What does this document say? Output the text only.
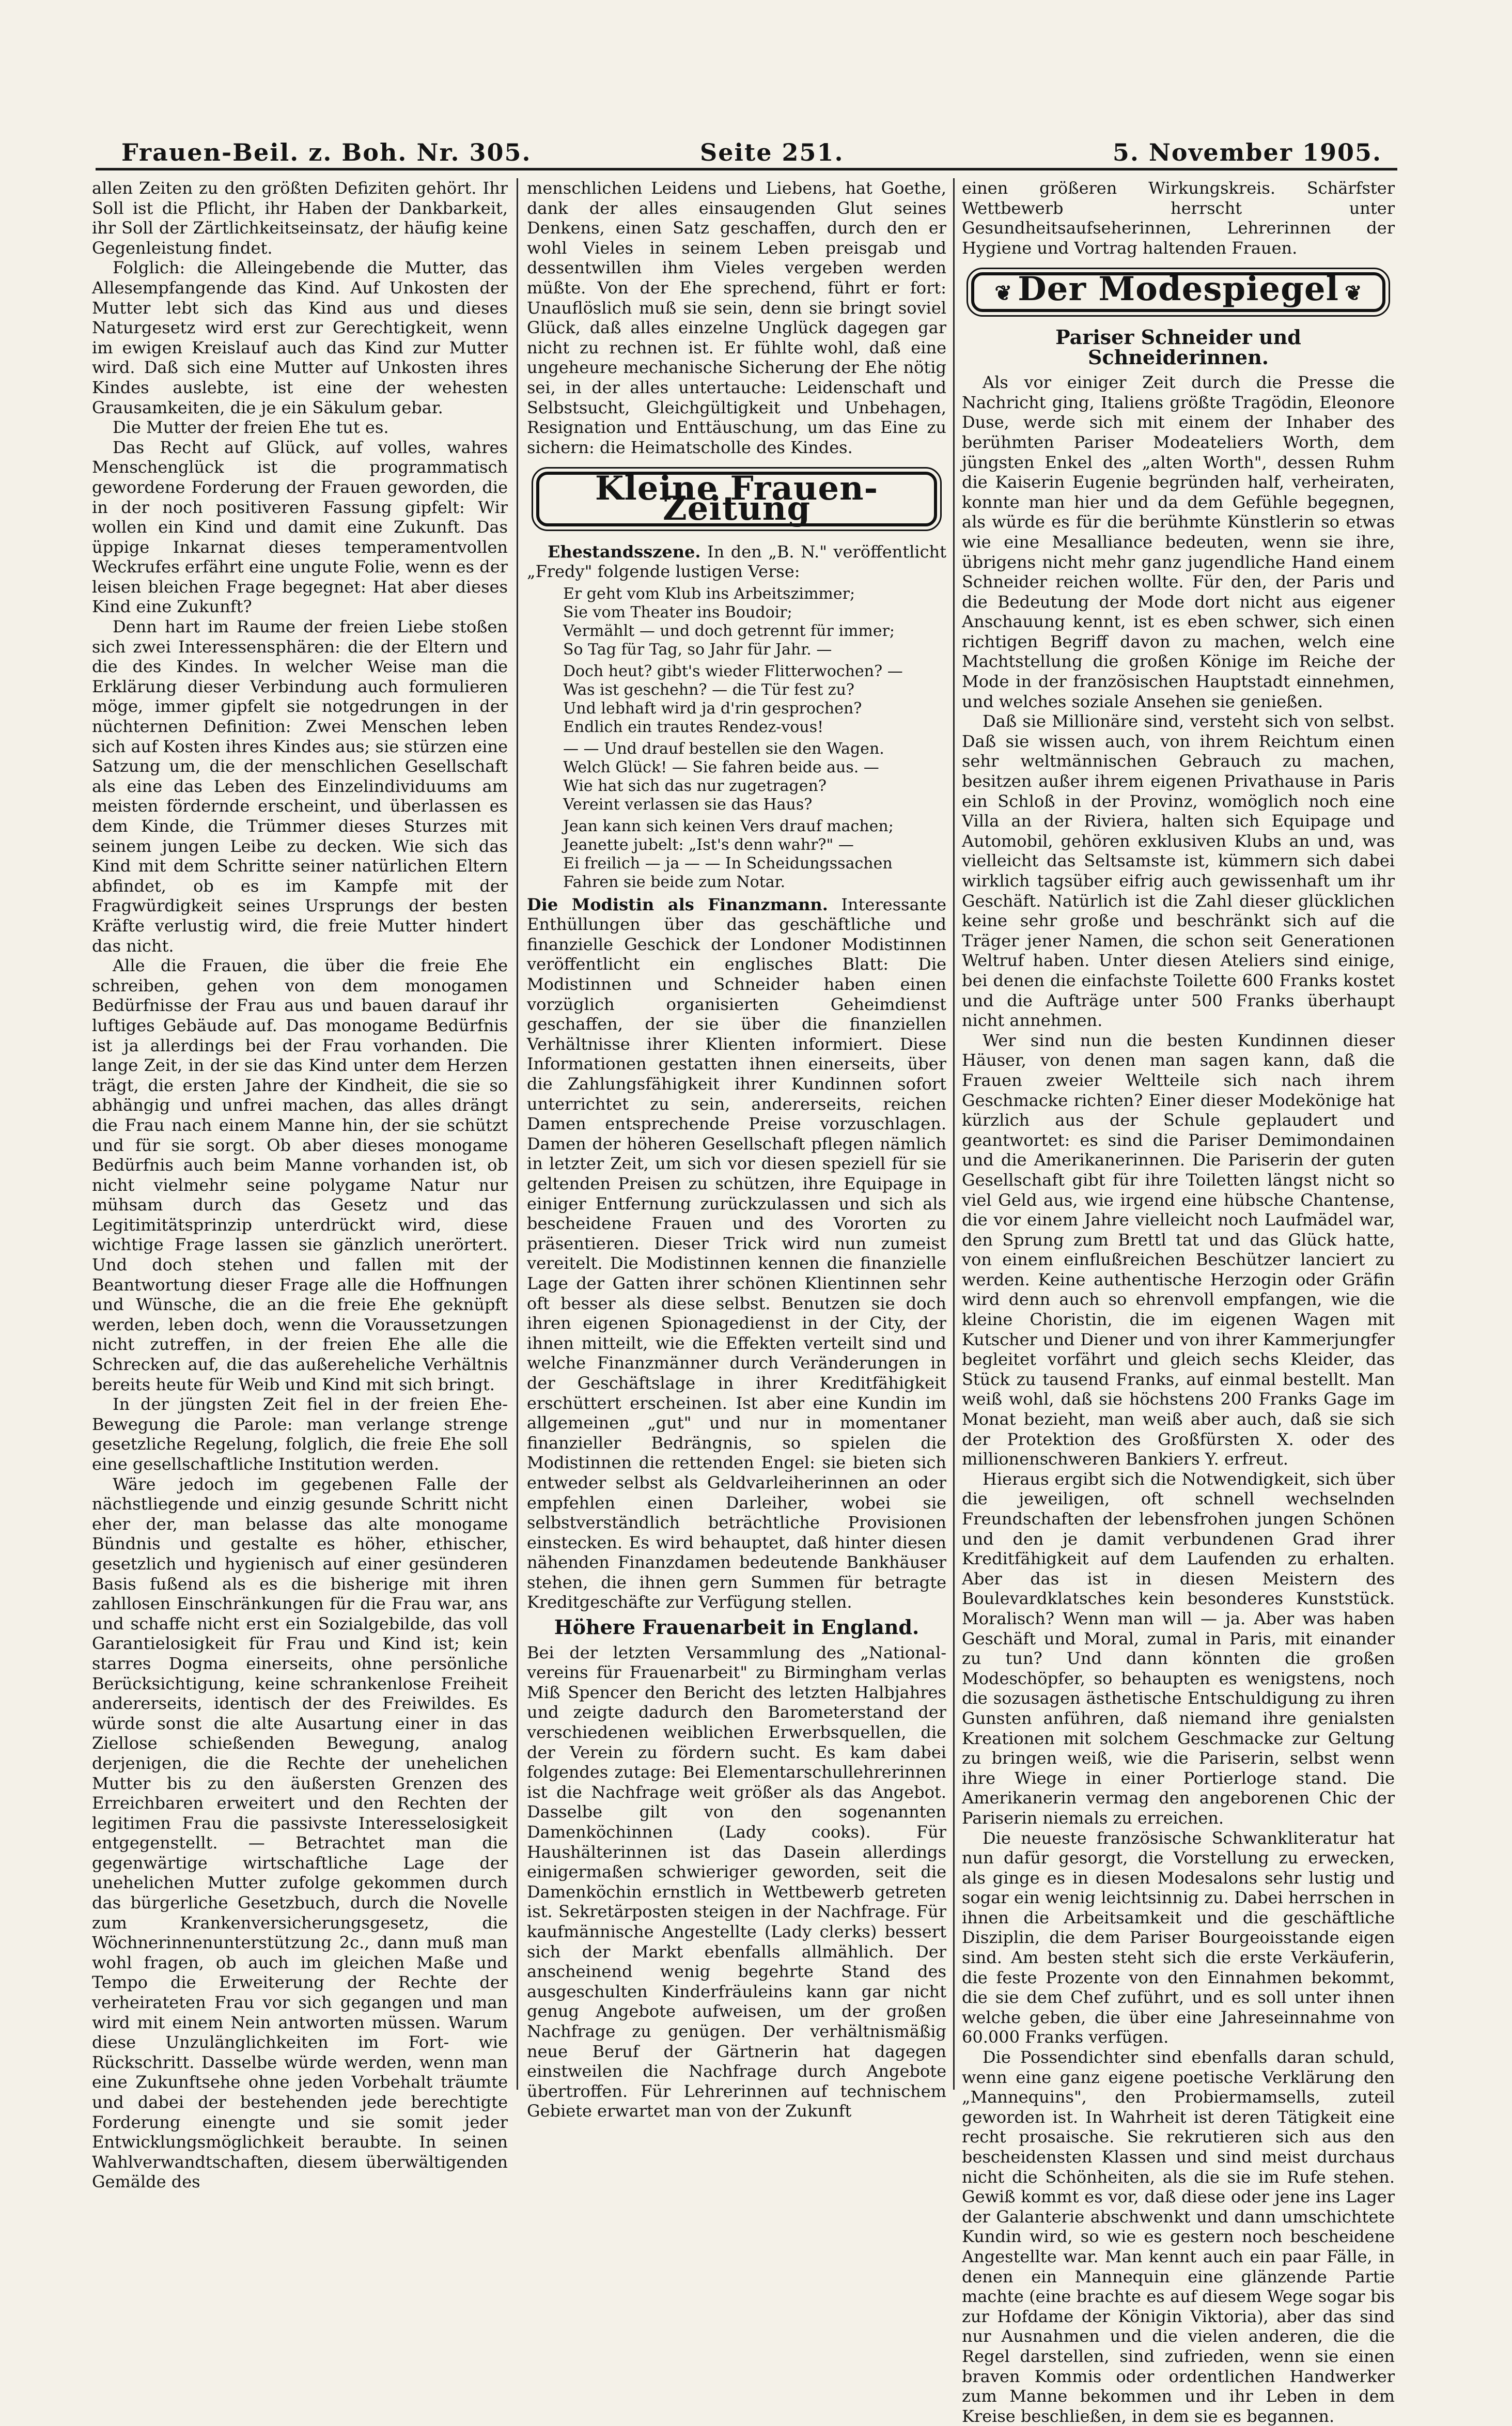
Frauen-Beil. z. Boh. Nr. 305.	Seite 251.	5. November 1905.

allen Zeiten zu den größten Defiziten gehört. Ihr Soll ist die Pflicht, ihr Haben der Dankbarkeit, ihr Soll der Zärtlichkeitseinsatz, der häufig keine Gegenleistung findet.

Folglich: die Alleingebende die Mutter, das Allesempfangende das Kind. Auf Unkosten der Mutter lebt sich das Kind aus und dieses Naturgesetz wird erst zur Gerechtigkeit, wenn im ewigen Kreislauf auch das Kind zur Mutter wird. Daß sich eine Mutter auf Unkosten ihres Kindes auslebte, ist eine der wehesten Grausamkeiten, die je ein Säkulum gebar.

Die Mutter der freien Ehe tut es.

Das Recht auf Glück, auf volles, wahres Menschenglück ist die programmatisch gewordene Forderung der Frauen geworden, die in der noch positiveren Fassung gipfelt: Wir wollen ein Kind und damit eine Zukunft. Das üppige Inkarnat dieses temperamentvollen Weckrufes erfährt eine ungute Folie, wenn es der leisen bleichen Frage begegnet: Hat aber dieses Kind eine Zukunft?

Denn hart im Raume der freien Liebe stoßen sich zwei Interessensphären: die der Eltern und die des Kindes. In welcher Weise man die Erklärung dieser Verbindung auch formulieren möge, immer gipfelt sie notgedrungen in der nüchternen Definition: Zwei Menschen leben sich auf Kosten ihres Kindes aus; sie stürzen eine Satzung um, die der menschlichen Gesellschaft als eine das Leben des Einzelindividuums am meisten fördernde erscheint, und überlassen es dem Kinde, die Trümmer dieses Sturzes mit seinem jungen Leibe zu decken. Wie sich das Kind mit dem Schritte seiner natürlichen Eltern abfindet, ob es im Kampfe mit der Fragwürdigkeit seines Ursprungs der besten Kräfte verlustig wird, die freie Mutter hindert das nicht.

Alle die Frauen, die über die freie Ehe schreiben, gehen von dem monogamen Bedürfnisse der Frau aus und bauen darauf ihr luftiges Gebäude auf. Das monogame Bedürfnis ist ja allerdings bei der Frau vorhanden. Die lange Zeit, in der sie das Kind unter dem Herzen trägt, die ersten Jahre der Kindheit, die sie so abhängig und unfrei machen, das alles drängt die Frau nach einem Manne hin, der sie schützt und für sie sorgt. Ob aber dieses monogame Bedürfnis auch beim Manne vorhanden ist, ob nicht vielmehr seine polygame Natur nur mühsam durch das Gesetz und das Legitimitätsprinzip unterdrückt wird, diese wichtige Frage lassen sie gänzlich unerörtert. Und doch stehen und fallen mit der Beantwortung dieser Frage alle die Hoffnungen und Wünsche, die an die freie Ehe geknüpft werden, leben doch, wenn die Voraussetzungen nicht zutreffen, in der freien Ehe alle die Schrecken auf, die das außereheliche Verhältnis bereits heute für Weib und Kind mit sich bringt.

In der jüngsten Zeit fiel in der freien Ehe-Bewegung die Parole: man verlange strenge gesetzliche Regelung, folglich, die freie Ehe soll eine gesellschaftliche Institution werden.

Wäre jedoch im gegebenen Falle der nächstliegende und einzig gesunde Schritt nicht eher der, man belasse das alte monogame Bündnis und gestalte es höher, ethischer, gesetzlich und hygienisch auf einer gesünderen Basis fußend als es die bisherige mit ihren zahllosen Einschränkungen für die Frau war, ans und schaffe nicht erst ein Sozialgebilde, das voll Garantielosigkeit für Frau und Kind ist; kein starres Dogma einerseits, ohne persönliche Berücksichtigung, keine schrankenlose Freiheit andererseits, identisch der des Freiwildes. Es würde sonst die alte Ausartung einer in das Ziellose schießenden Bewegung, analog derjenigen, die die Rechte der unehelichen Mutter bis zu den äußersten Grenzen des Erreichbaren erweitert und den Rechten der legitimen Frau die passivste Interesselosigkeit entgegenstellt. — Betrachtet man die gegenwärtige wirtschaftliche Lage der unehelichen Mutter zufolge gekommen durch das bürgerliche Gesetzbuch, durch die Novelle zum Krankenversicherungsgesetz, die Wöchnerinnenunterstützung 2c., dann muß man wohl fragen, ob auch im gleichen Maße und Tempo die Erweiterung der Rechte der verheirateten Frau vor sich gegangen und man wird mit einem Nein antworten müssen. Warum diese Unzulänglichkeiten im Fort- wie Rückschritt. Dasselbe würde werden, wenn man eine Zukunftsehe ohne jeden Vorbehalt träumte und dabei der bestehenden jede berechtigte Forderung einengte und sie somit jeder Entwicklungsmöglichkeit beraubte. In seinen Wahlverwandtschaften, diesem überwältigenden Gemälde des

menschlichen Leidens und Liebens, hat Goethe, dank der alles einsaugenden Glut seines Denkens, einen Satz geschaffen, durch den er wohl Vieles in seinem Leben preisgab und dessentwillen ihm Vieles vergeben werden müßte. Von der Ehe sprechend, führt er fort: Unauflöslich muß sie sein, denn sie bringt soviel Glück, daß alles einzelne Unglück dagegen gar nicht zu rechnen ist. Er fühlte wohl, daß eine ungeheure mechanische Sicherung der Ehe nötig sei, in der alles untertauche: Leidenschaft und Selbstsucht, Gleichgültigkeit und Unbehagen, Resignation und Enttäuschung, um das Eine zu sichern: die Heimatscholle des Kindes.

Kleine Frauen-Zeitung

Ehestandsszene. In den „B. N." veröffentlicht „Fredy" folgende lustigen Verse:

Er geht vom Klub ins Arbeitszimmer;
Sie vom Theater ins Boudoir;
Vermählt — und doch getrennt für immer;
So Tag für Tag, so Jahr für Jahr. —

Doch heut? gibt's wieder Flitterwochen? —
Was ist geschehn? — die Tür fest zu?
Und lebhaft wird ja d'rin gesprochen?
Endlich ein trautes Rendez-vous!

— — Und drauf bestellen sie den Wagen.
Welch Glück! — Sie fahren beide aus. —
Wie hat sich das nur zugetragen?
Vereint verlassen sie das Haus?

Jean kann sich keinen Vers drauf machen;
Jeanette jubelt: „Ist's denn wahr?" —
Ei freilich — ja — — In Scheidungssachen
Fahren sie beide zum Notar.

Die Modistin als Finanzmann. Interessante Enthüllungen über das geschäftliche und finanzielle Geschick der Londoner Modistinnen veröffentlicht ein englisches Blatt: Die Modistinnen und Schneider haben einen vorzüglich organisierten Geheimdienst geschaffen, der sie über die finanziellen Verhältnisse ihrer Klienten informiert. Diese Informationen gestatten ihnen einerseits, über die Zahlungsfähigkeit ihrer Kundinnen sofort unterrichtet zu sein, andererseits, reichen Damen entsprechende Preise vorzuschlagen. Damen der höheren Gesellschaft pflegen nämlich in letzter Zeit, um sich vor diesen speziell für sie geltenden Preisen zu schützen, ihre Equipage in einiger Entfernung zurückzulassen und sich als bescheidene Frauen und des Vororten zu präsentieren. Dieser Trick wird nun zumeist vereitelt. Die Modistinnen kennen die finanzielle Lage der Gatten ihrer schönen Klientinnen sehr oft besser als diese selbst. Benutzen sie doch ihren eigenen Spionagedienst in der City, der ihnen mitteilt, wie die Effekten verteilt sind und welche Finanzmänner durch Veränderungen in der Geschäftslage in ihrer Kreditfähigkeit erschüttert erscheinen. Ist aber eine Kundin im allgemeinen „gut" und nur in momentaner finanzieller Bedrängnis, so spielen die Modistinnen die rettenden Engel: sie bieten sich entweder selbst als Geldvarleiherinnen an oder empfehlen einen Darleiher, wobei sie selbstverständlich beträchtliche Provisionen einstecken. Es wird behauptet, daß hinter diesen nähenden Finanzdamen bedeutende Bankhäuser stehen, die ihnen gern Summen für betragte Kreditgeschäfte zur Verfügung stellen.

Höhere Frauenarbeit in England.

Bei der letzten Versammlung des „National-vereins für Frauenarbeit" zu Birmingham verlas Miß Spencer den Bericht des letzten Halbjahres und zeigte dadurch den Barometerstand der verschiedenen weiblichen Erwerbsquellen, die der Verein zu fördern sucht. Es kam dabei folgendes zutage: Bei Elementarschullehrerinnen ist die Nachfrage weit größer als das Angebot. Dasselbe gilt von den sogenannten Damenköchinnen (Lady cooks). Für Haushälterinnen ist das Dasein allerdings einigermaßen schwieriger geworden, seit die Damenköchin ernstlich in Wettbewerb getreten ist. Sekretärposten steigen in der Nachfrage. Für kaufmännische Angestellte (Lady clerks) bessert sich der Markt ebenfalls allmählich. Der anscheinend wenig begehrte Stand des ausgeschulten Kinderfräuleins kann gar nicht genug Angebote aufweisen, um der großen Nachfrage zu genügen. Der verhältnismäßig neue Beruf der Gärtnerin hat dagegen einstweilen die Nachfrage durch Angebote übertroffen. Für Lehrerinnen auf technischem Gebiete erwartet man von der Zukunft

einen größeren Wirkungskreis. Schärfster Wettbewerb herrscht unter Gesundheitsaufseherinnen, Lehrerinnen der Hygiene und Vortrag haltenden Frauen.

❦ Der Modespiegel ❦

Pariser Schneider und Schneiderinnen.

Als vor einiger Zeit durch die Presse die Nachricht ging, Italiens größte Tragödin, Eleonore Duse, werde sich mit einem der Inhaber des berühmten Pariser Modeateliers Worth, dem jüngsten Enkel des „alten Worth", dessen Ruhm die Kaiserin Eugenie begründen half, verheiraten, konnte man hier und da dem Gefühle begegnen, als würde es für die berühmte Künstlerin so etwas wie eine Mesalliance bedeuten, wenn sie ihre, übrigens nicht mehr ganz jugendliche Hand einem Schneider reichen wollte. Für den, der Paris und die Bedeutung der Mode dort nicht aus eigener Anschauung kennt, ist es eben schwer, sich einen richtigen Begriff davon zu machen, welch eine Machtstellung die großen Könige im Reiche der Mode in der französischen Hauptstadt einnehmen, und welches soziale Ansehen sie genießen.

Daß sie Millionäre sind, versteht sich von selbst. Daß sie wissen auch, von ihrem Reichtum einen sehr weltmännischen Gebrauch zu machen, besitzen außer ihrem eigenen Privathause in Paris ein Schloß in der Provinz, womöglich noch eine Villa an der Riviera, halten sich Equipage und Automobil, gehören exklusiven Klubs an und, was vielleicht das Seltsamste ist, kümmern sich dabei wirklich tagsüber eifrig auch gewissenhaft um ihr Geschäft. Natürlich ist die Zahl dieser glücklichen keine sehr große und beschränkt sich auf die Träger jener Namen, die schon seit Generationen Weltruf haben. Unter diesen Ateliers sind einige, bei denen die einfachste Toilette 600 Franks kostet und die Aufträge unter 500 Franks überhaupt nicht annehmen.

Wer sind nun die besten Kundinnen dieser Häuser, von denen man sagen kann, daß die Frauen zweier Weltteile sich nach ihrem Geschmacke richten? Einer dieser Modekönige hat kürzlich aus der Schule geplaudert und geantwortet: es sind die Pariser Demimondainen und die Amerikanerinnen. Die Pariserin der guten Gesellschaft gibt für ihre Toiletten längst nicht so viel Geld aus, wie irgend eine hübsche Chantense, die vor einem Jahre vielleicht noch Laufmädel war, den Sprung zum Brettl tat und das Glück hatte, von einem einflußreichen Beschützer lanciert zu werden. Keine authentische Herzogin oder Gräfin wird denn auch so ehrenvoll empfangen, wie die kleine Choristin, die im eigenen Wagen mit Kutscher und Diener und von ihrer Kammerjungfer begleitet vorfährt und gleich sechs Kleider, das Stück zu tausend Franks, auf einmal bestellt. Man weiß wohl, daß sie höchstens 200 Franks Gage im Monat bezieht, man weiß aber auch, daß sie sich der Protektion des Großfürsten X. oder des millionenschweren Bankiers Y. erfreut.

Hieraus ergibt sich die Notwendigkeit, sich über die jeweiligen, oft schnell wechselnden Freundschaften der lebensfrohen jungen Schönen und den je damit verbundenen Grad ihrer Kreditfähigkeit auf dem Laufenden zu erhalten. Aber das ist in diesen Meistern des Boulevardklatsches kein besonderes Kunststück. Moralisch? Wenn man will — ja. Aber was haben Geschäft und Moral, zumal in Paris, mit einander zu tun? Und dann könnten die großen Modeschöpfer, so behaupten es wenigstens, noch die sozusagen ästhetische Entschuldigung zu ihren Gunsten anführen, daß niemand ihre genialsten Kreationen mit solchem Geschmacke zur Geltung zu bringen weiß, wie die Pariserin, selbst wenn ihre Wiege in einer Portierloge stand. Die Amerikanerin vermag den angeborenen Chic der Pariserin niemals zu erreichen.

Die neueste französische Schwankliteratur hat nun dafür gesorgt, die Vorstellung zu erwecken, als ginge es in diesen Modesalons sehr lustig und sogar ein wenig leichtsinnig zu. Dabei herrschen in ihnen die Arbeitsamkeit und die geschäftliche Disziplin, die dem Pariser Bourgeoisstande eigen sind. Am besten steht sich die erste Verkäuferin, die feste Prozente von den Einnahmen bekommt, die sie dem Chef zuführt, und es soll unter ihnen welche geben, die über eine Jahreseinnahme von 60.000 Franks verfügen.

Die Possendichter sind ebenfalls daran schuld, wenn eine ganz eigene poetische Verklärung den „Mannequins", den Probiermamsells, zuteil geworden ist. In Wahrheit ist deren Tätigkeit eine recht prosaische. Sie rekrutieren sich aus den bescheidensten Klassen und sind meist durchaus nicht die Schönheiten, als die sie im Rufe stehen. Gewiß kommt es vor, daß diese oder jene ins Lager der Galanterie abschwenkt und dann umschichtete Kundin wird, so wie es gestern noch bescheidene Angestellte war. Man kennt auch ein paar Fälle, in denen ein Mannequin eine glänzende Partie machte (eine brachte es auf diesem Wege sogar bis zur Hofdame der Königin Viktoria), aber das sind nur Ausnahmen und die vielen anderen, die die Regel darstellen, sind zufrieden, wenn sie einen braven Kommis oder ordentlichen Handwerker zum Manne bekommen und ihr Leben in dem Kreise beschließen, in dem sie es begannen.
